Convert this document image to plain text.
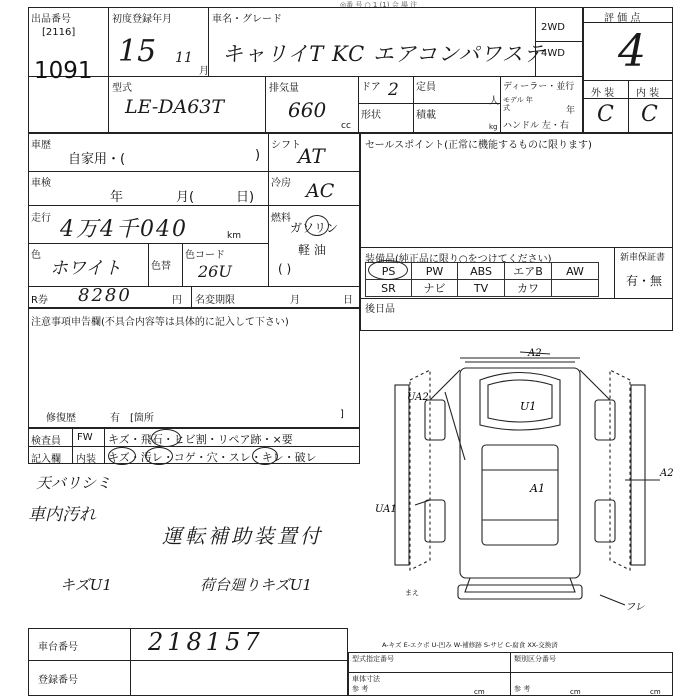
◎番 号 ○ 1 (1) 会 場 注
出品番号
[2116]
1091
初度登録年月
15 11
月
車名・グレード
キャリイT KC エアコンパワステ
2WD
4WD
評 価 点
4
外 装 内 装
C C
型式
LE-DA63T
排気量
660
cc
ドア 2 定員
人
形状	積載
kg
ディーラー・並行
モデル 年式	年
ハンドル 左・右
車歴
自家用・(	)
シフト
AT
車検
年	月(	日)
冷房 AC
走行 4万4千040	km
燃料
ガソリン
軽 油
( )
色
ホワイト	色替
色コード
26U
R券 8280	円 名変期限	月	日
セールスポイント(正常に機能するものに限ります)
装備品(純正品に限り○をつけてください)	新車保証書
有・無
PS	PW	ABS	エアB	AW
SR	ナビ	TV	カワ	
後日品
注意事項申告欄(不具合内容等は具体的に記入して下さい)
修復歴	有 [箇所	]
検査員
記入欄
FW
内装
キズ・飛石・ヒビ割・リペア跡・×要
キズ・汚レ・コゲ・穴・スレ・キレ・破レ
天バリシミ
車内汚れ
運転補助装置付
キズU1	荷台廻りキズU1
A2
U1
UA2
A1
A2
UA1
フレ
まえ
A-キズ E-エクボ U-凹み W-補修跡 S-サビ C-腐食 XX-交換済
車台番号	218157
登録番号
型式指定番号	類別区分番号
車体寸法
参 考	参 考
cm	cm	cm
